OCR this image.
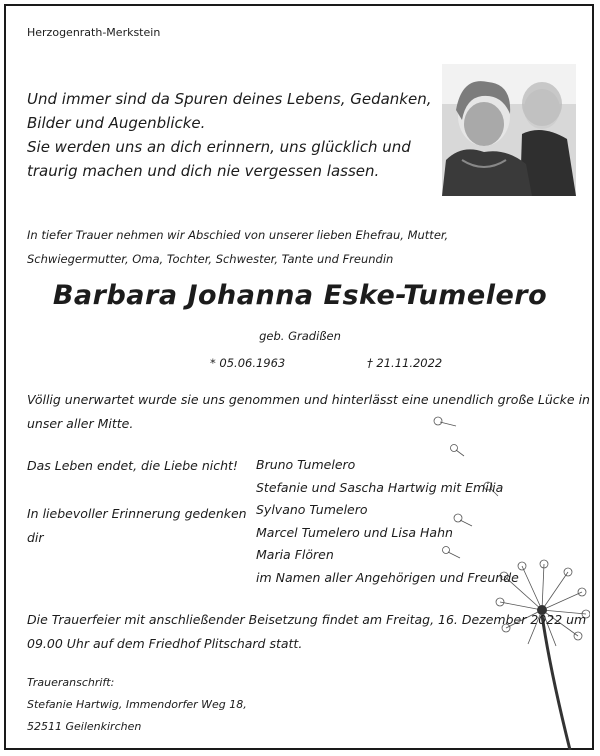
Herzogenrath-Merkstein
Und immer sind da Spuren deines Lebens, Gedanken,
Bilder und Augenblicke.
Sie werden uns an dich erinnern, uns glücklich und
traurig machen und dich nie vergessen lassen.
In tiefer Trauer nehmen wir Abschied von unserer lieben Ehefrau, Mutter,
Schwiegermutter, Oma, Tochter, Schwester, Tante und Freundin
Barbara Johanna Eske-Tumelero
geb. Gradißen
* 05.06.1963	† 21.11.2022
Völlig unerwartet wurde sie uns genommen und hinterlässt eine unendlich große Lücke in
unser aller Mitte.
Das Leben endet, die Liebe nicht!
In liebevoller Erinnerung gedenken
dir
Bruno Tumelero
Stefanie und Sascha Hartwig mit Emilia
Sylvano Tumelero
Marcel Tumelero und Lisa Hahn
Maria Flören
im Namen aller Angehörigen und Freunde
Die Trauerfeier mit anschließender Beisetzung findet am Freitag, 16. Dezember 2022 um
09.00 Uhr auf dem Friedhof Plitschard statt.
Traueranschrift:
Stefanie Hartwig, Immendorfer Weg 18,
52511 Geilenkirchen
